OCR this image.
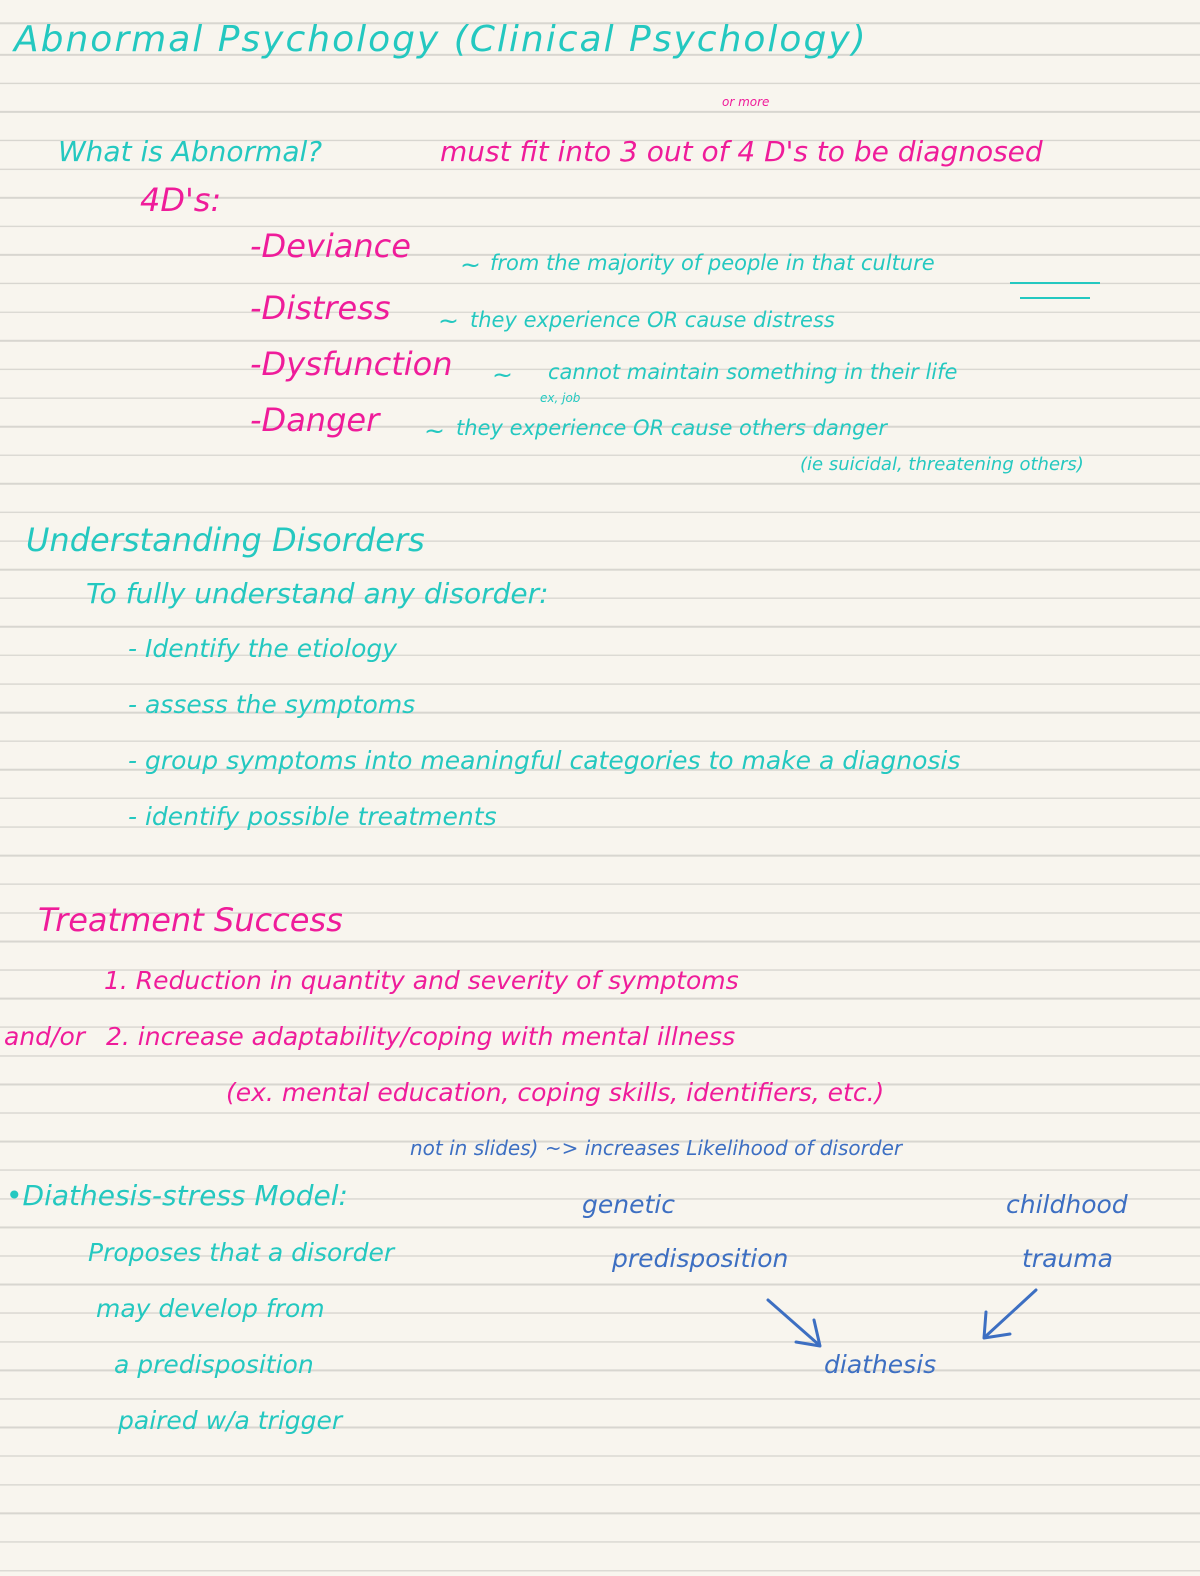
Abnormal Psychology (Clinical Psychology)
or more
What is Abnormal?	must fit into 3 out of 4 D's to be diagnosed
4D's:
-Deviance ~ from the majority of people in that culture
-Distress ~ they experience OR cause distress
-Dysfunction ~ cannot maintain something in their life
ex, job
-Danger ~ they experience OR cause others danger
(ie suicidal, threatening others)
Understanding Disorders
To fully understand any disorder:
- Identify the etiology
- assess the symptoms
- group symptoms into meaningful categories to make a diagnosis
- identify possible treatments
Treatment Success
1. Reduction in quantity and severity of symptoms
and/or 2. increase adaptability/coping with mental illness
(ex. mental education, coping skills, identifiers, etc.)
not in slides) ~> increases Likelihood of disorder
•Diathesis-stress Model:
Proposes that a disorder
may develop from
a predisposition
paired w/a trigger
genetic
predisposition
childhood
trauma
diathesis
